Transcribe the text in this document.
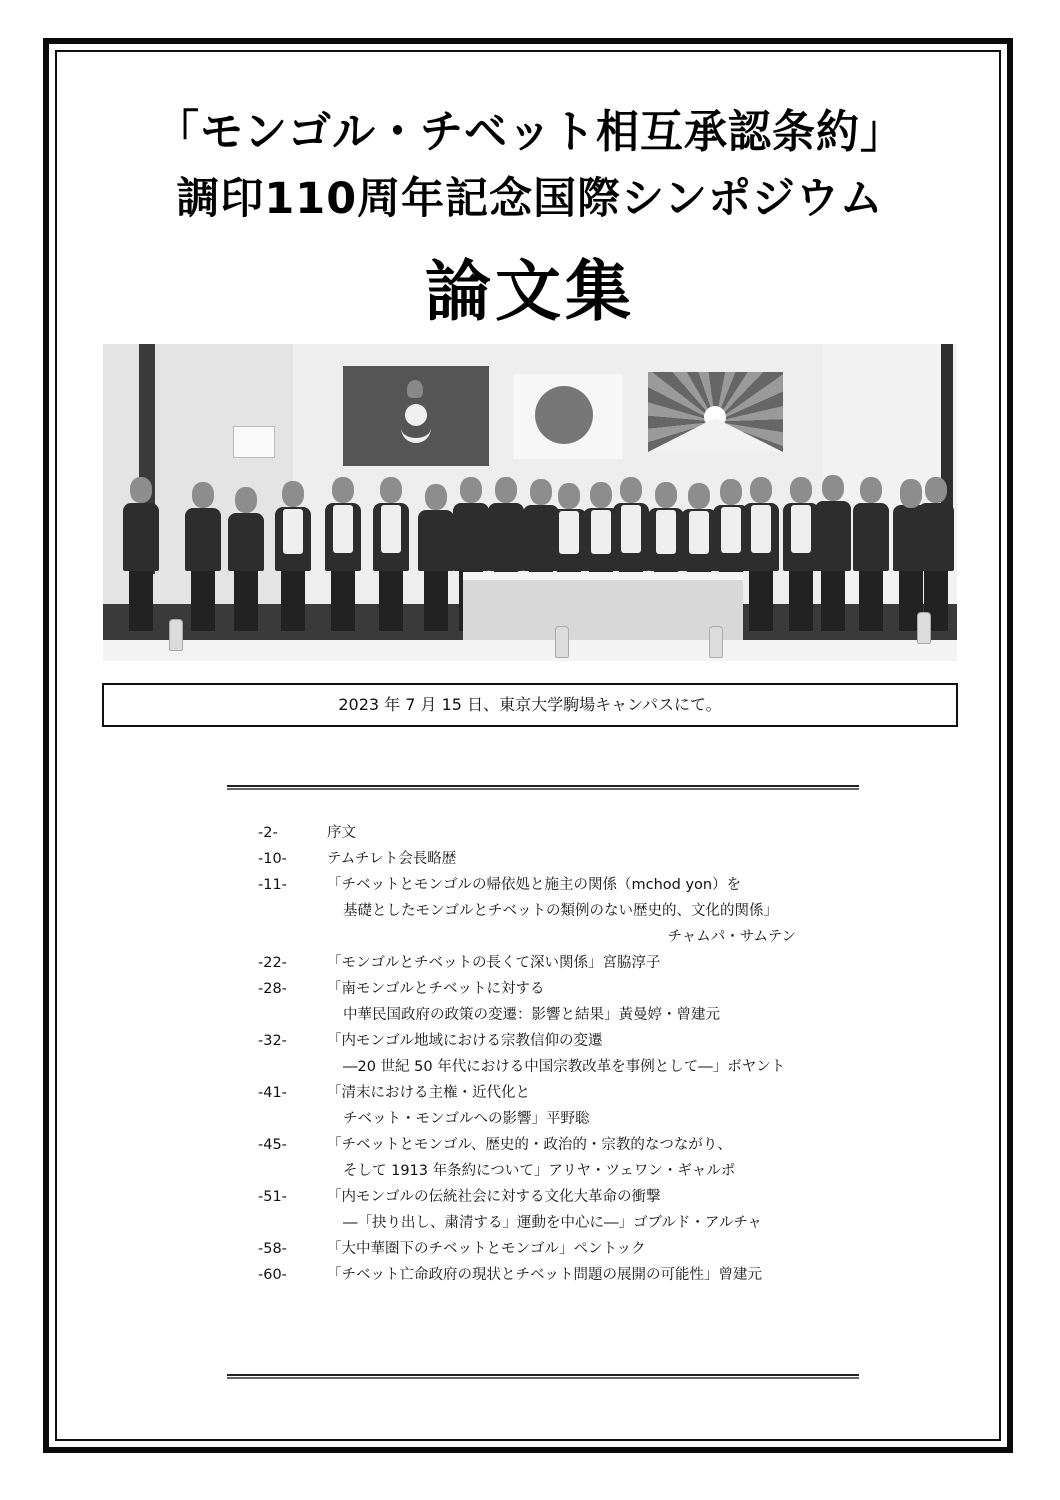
「モンゴル・チベット相互承認条約」
調印110周年記念国際シンポジウム
論文集
2023 年 7 月 15 日、東京大学駒場キャンパスにて。
-2-	序文
-10-	テムチレト会長略歴
-11-	「チベットとモンゴルの帰依処と施主の関係（mchod yon）を
基礎としたモンゴルとチベットの類例のない歴史的、文化的関係」
チャムパ・サムテン
-22-	「モンゴルとチベットの長くて深い関係」宮脇淳子
-28-	「南モンゴルとチベットに対する
中華民国政府の政策の変遷：影響と結果」黃曼婷・曾建元
-32-	「内モンゴル地域における宗教信仰の変遷
―20 世紀 50 年代における中国宗教改革を事例として―」ボヤント
-41-	「清末における主権・近代化と
チベット・モンゴルへの影響」平野聡
-45-	「チベットとモンゴル、歴史的・政治的・宗教的なつながり、
そして 1913 年条約について」アリヤ・ツェワン・ギャルポ
-51-	「内モンゴルの伝統社会に対する文化大革命の衝撃
―「抉り出し、粛清する」運動を中心に―」ゴブルド・アルチャ
-58-	「大中華圏下のチベットとモンゴル」ペントック
-60-	「チベット亡命政府の現状とチベット問題の展開の可能性」曾建元
